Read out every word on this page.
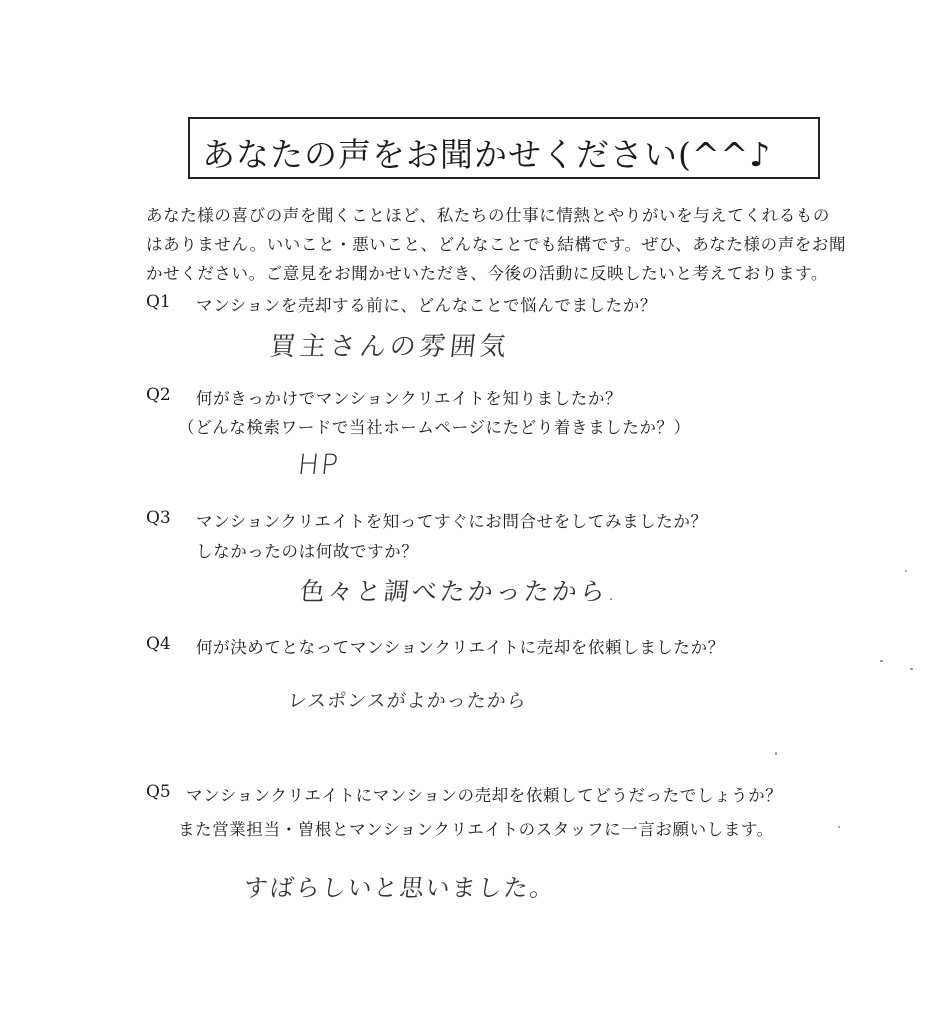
あなたの声をお聞かせください(^^♪
あなた様の喜びの声を聞くことほど、私たちの仕事に情熱とやりがいを与えてくれるもの
はありません。いいこと・悪いこと、どんなことでも結構です。ぜひ、あなた様の声をお聞
かせください。ご意見をお聞かせいただき、今後の活動に反映したいと考えております。
Q1 マンションを売却する前に、どんなことで悩んでましたか？
買主さんの雰囲気
Q2 何がきっかけでマンションクリエイトを知りましたか？
（どんな検索ワードで当社ホームページにたどり着きましたか？）
HP
Q3 マンションクリエイトを知ってすぐにお問合せをしてみましたか？
しなかったのは何故ですか？
色々と調べたかったから.
Q4 何が決めてとなってマンションクリエイトに売却を依頼しましたか？
レスポンスがよかったから
Q5 マンションクリエイトにマンションの売却を依頼してどうだったでしょうか？
また営業担当・曽根とマンションクリエイトのスタッフに一言お願いします。
すばらしいと思いました。
